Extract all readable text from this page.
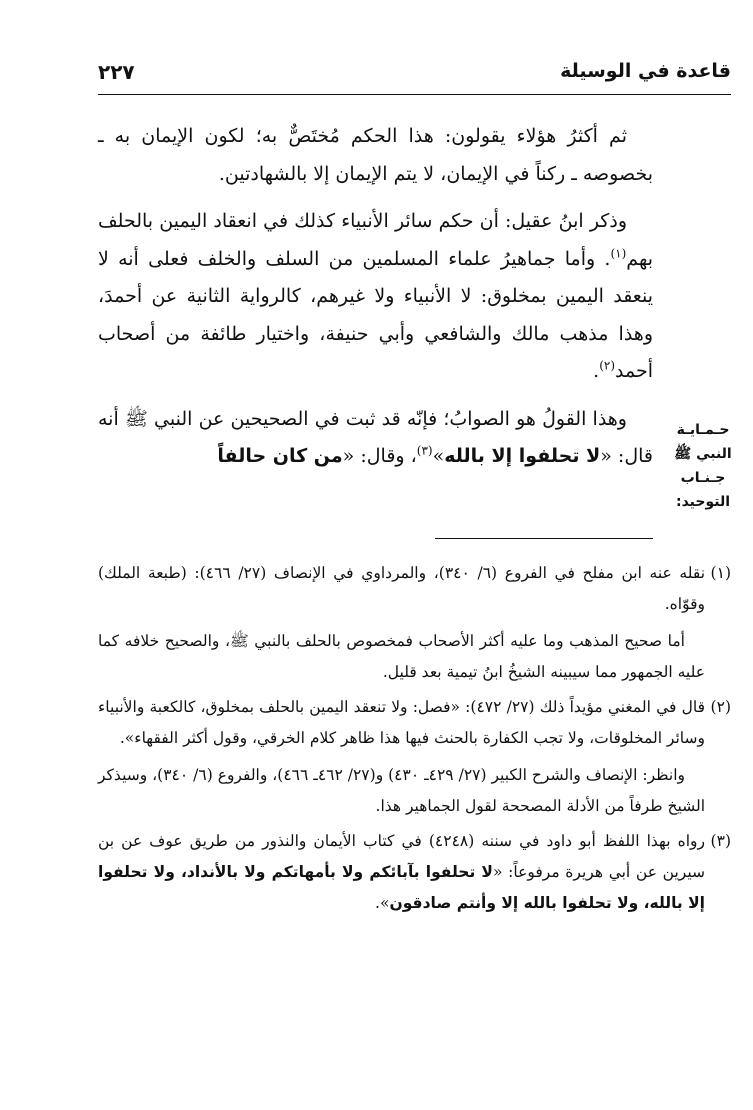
قاعدة في الوسيلة
٢٢٧

ثم أكثرُ هؤلاء يقولون: هذا الحكم مُختَصٌّ به؛ لكون الإيمان به ـ بخصوصه ـ ركناً في الإيمان، لا يتم الإيمان إلا بالشهادتين.

وذكر ابنُ عقيل: أن حكم سائر الأنبياء كذلك في انعقاد اليمين بالحلف بهم$^{(١)}$. وأما جماهيرُ علماء المسلمين من السلف والخلف فعلى أنه لا ينعقد اليمين بمخلوق: لا الأنبياء ولا غيرهم، كالرواية الثانية عن أحمدَ، وهذا مذهب مالك والشافعي وأبي حنيفة، واختيار طائفة من أصحاب أحمد$^{(٢)}$.

وهذا القولُ هو الصوابُ؛ فإنّه قد ثبت في الصحيحين عن النبي ﷺ أنه قال: «لا تحلفوا إلا بالله»$^{(٣)}$، وقال: «من كان حالفاً

حـمـايـة
النبي ﷺ
جـنـاب
التوحيد:
(١)

نقله عنه ابن مفلح في الفروع (٦/ ٣٤٠)، والمرداوي في الإنصاف (٢٧/ ٤٦٦): (طبعة الملك) وقوّاه.

أما صحيح المذهب وما عليه أكثر الأصحاب فمخصوص بالحلف بالنبي ﷺ، والصحيح خلافه كما عليه الجمهور مما سيبينه الشيخُ ابنُ تيمية بعد قليل.

(٢)

قال في المغني مؤيداً ذلك (٢٧/ ٤٧٢): «فصل: ولا تنعقد اليمين بالحلف بمخلوق، كالكعبة والأنبياء وسائر المخلوقات، ولا تجب الكفارة بالحنث فيها هذا ظاهر كلام الخرقي، وقول أكثر الفقهاء».

وانظر: الإنصاف والشرح الكبير (٢٧/ ٤٢٩ـ ٤٣٠) و(٢٧/ ٤٦٢ـ ٤٦٦)، والفروع (٦/ ٣٤٠)، وسيذكر الشيخ طرفاً من الأدلة المصححة لقول الجماهير هذا.

(٣)

رواه بهذا اللفظ أبو داود في سننه (٤٢٤٨) في كتاب الأيمان والنذور من طريق عوف عن بن سيرين عن أبي هريرة مرفوعاً: «لا تحلفوا بآبائكم ولا بأمهاتكم ولا بالأنداد، ولا تحلفوا إلا بالله، ولا تحلفوا بالله إلا وأنتم صادقون».
